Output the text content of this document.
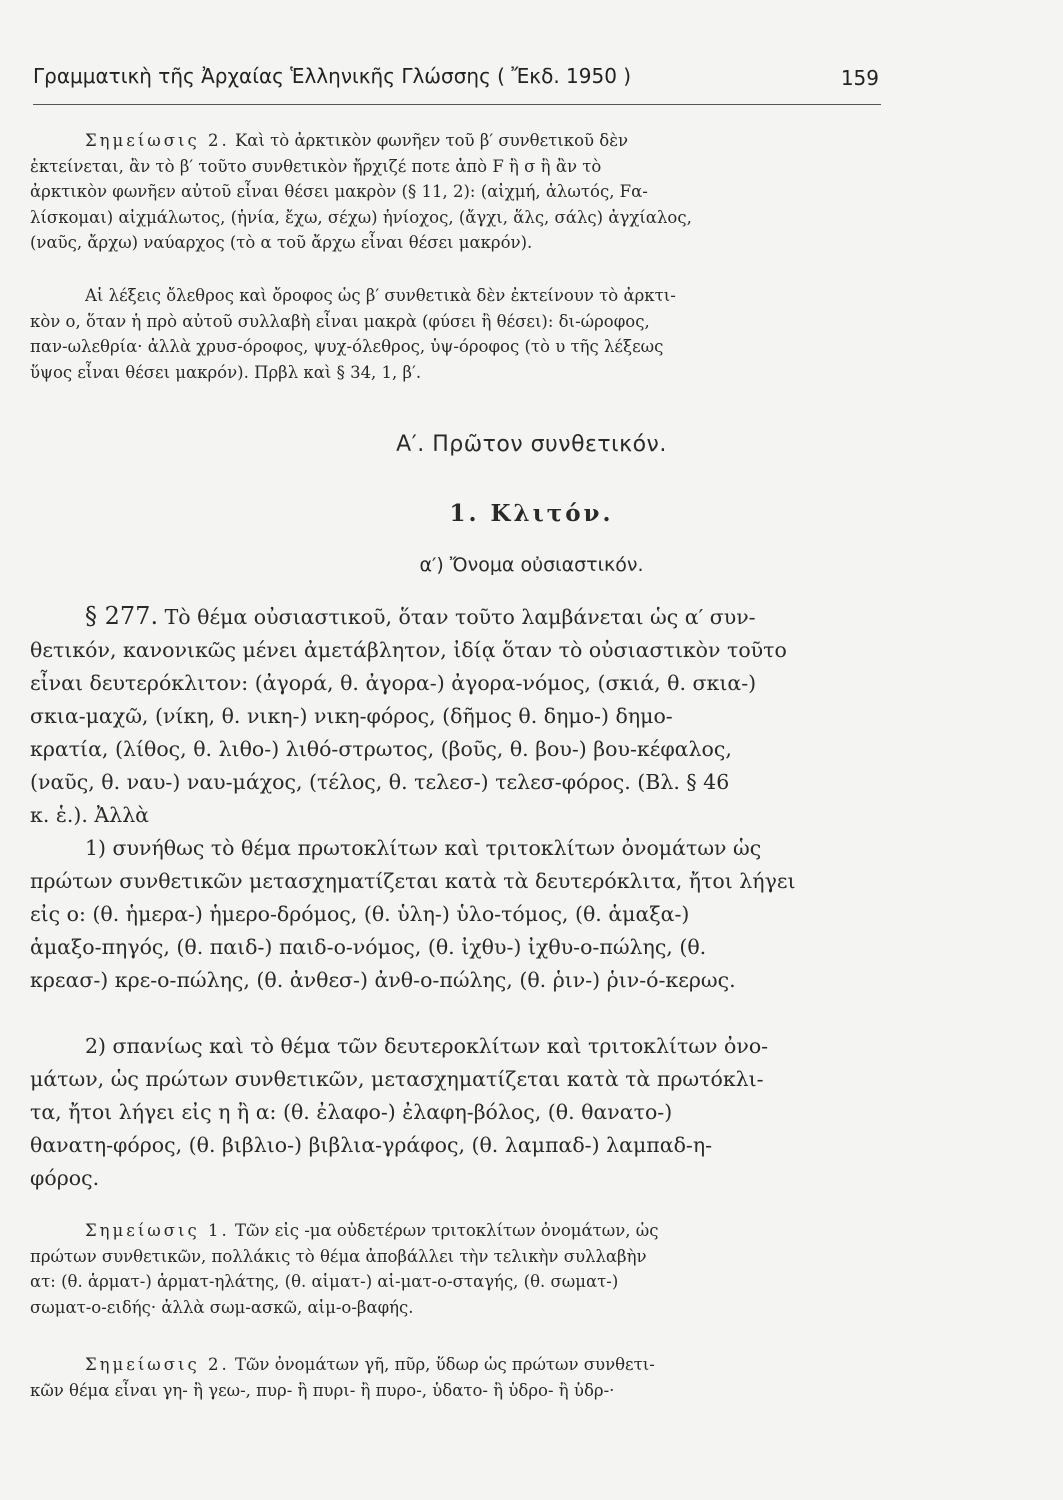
Γραμματικὴ τῆς Ἀρχαίας Ἑλληνικῆς Γλώσσης ( Ἔκδ. 1950 )	159

Σημείωσις 2. Καὶ τὸ ἀρκτικὸν φωνῆεν τοῦ β′ συνθετικοῦ δὲν

ἐκτείνεται, ἂν τὸ β′ τοῦτο συνθετικὸν ἤρχιζέ ποτε ἀπὸ F ἢ σ ἢ ἂν τὸ

ἀρκτικὸν φωνῆεν αὐτοῦ εἶναι θέσει μακρὸν (§ 11, 2): (αἰχμή, ἁλωτός, Fα-

λίσκομαι) αἰχμάλωτος, (ἡνία, ἔχω, σέχω) ἡνίοχος, (ἄγχι, ἅλς, σάλς) ἀγχίαλος,

(ναῦς, ἄρχω) ναύαρχος (τὸ α τοῦ ἄρχω εἶναι θέσει μακρόν).

Αἱ λέξεις ὄλεθρος καὶ ὄροφος ὡς β′ συνθετικὰ δὲν ἐκτείνουν τὸ ἀρκτι-

κὸν ο, ὅταν ἡ πρὸ αὐτοῦ συλλαβὴ εἶναι μακρὰ (φύσει ἢ θέσει): δι-ώροφος,

παν-ωλεθρία· ἀλλὰ χρυσ-όροφος, ψυχ-όλεθρος, ὑψ-όροφος (τὸ υ τῆς λέξεως

ὕψος εἶναι θέσει μακρόν). Πρβλ καὶ § 34, 1, β′.

Α′. Πρῶτον συνθετικόν.
1. Κλιτόν.
α′) Ὄνομα οὐσιαστικόν.

§ 277. Τὸ θέμα οὐσιαστικοῦ, ὅταν τοῦτο λαμβάνεται ὡς α′ συν-

θετικόν, κανονικῶς μένει ἀμετάβλητον, ἰδίᾳ ὅταν τὸ οὐσιαστικὸν τοῦτο

εἶναι δευτερόκλιτον: (ἀγορά, θ. ἀγορα-) ἀγορα-νόμος, (σκιά, θ. σκια-)

σκια-μαχῶ, (νίκη, θ. νικη-) νικη-φόρος, (δῆμος θ. δημο-) δημο-

κρατία, (λίθος, θ. λιθο-) λιθό-στρωτος, (βοῦς, θ. βου-) βου-κέφαλος,

(ναῦς, θ. ναυ-) ναυ-μάχος, (τέλος, θ. τελεσ-) τελεσ-φόρος. (Βλ. § 46

κ. ἑ.). Ἀλλὰ

1) συνήθως τὸ θέμα πρωτοκλίτων καὶ τριτοκλίτων ὀνομάτων ὡς

πρώτων συνθετικῶν μετασχηματίζεται κατὰ τὰ δευτερόκλιτα, ἤτοι λήγει

εἰς ο: (θ. ἡμερα-) ἡμερο-δρόμος, (θ. ὑλη-) ὑλο-τόμος, (θ. ἁμαξα-)

ἁμαξο-πηγός, (θ. παιδ-) παιδ-ο-νόμος, (θ. ἰχθυ-) ἰχθυ-ο-πώλης, (θ.

κρεασ-) κρε-ο-πώλης, (θ. ἀνθεσ-) ἀνθ-ο-πώλης, (θ. ῥιν-) ῥιν-ό-κερως.

2) σπανίως καὶ τὸ θέμα τῶν δευτεροκλίτων καὶ τριτοκλίτων ὀνο-

μάτων, ὡς πρώτων συνθετικῶν, μετασχηματίζεται κατὰ τὰ πρωτόκλι-

τα, ἤτοι λήγει εἰς η ἢ α: (θ. ἐλαφο-) ἐλαφη-βόλος, (θ. θανατο-)

θανατη-φόρος, (θ. βιβλιο-) βιβλια-γράφος, (θ. λαμπαδ-) λαμπαδ-η-

φόρος.

Σημείωσις 1. Τῶν εἰς -μα οὐδετέρων τριτοκλίτων ὀνομάτων, ὡς

πρώτων συνθετικῶν, πολλάκις τὸ θέμα ἀποβάλλει τὴν τελικὴν συλλαβὴν

ατ: (θ. ἁρματ-) ἁρματ-ηλάτης, (θ. αἱματ-) αἱ-ματ-ο-σταγής, (θ. σωματ-)

σωματ-ο-ειδής· ἀλλὰ σωμ-ασκῶ, αἱμ-ο-βαφής.

Σημείωσις 2. Τῶν ὀνομάτων γῆ, πῦρ, ὕδωρ ὡς πρώτων συνθετι-

κῶν θέμα εἶναι γη- ἢ γεω-, πυρ- ἢ πυρι- ἢ πυρο-, ὑδατο- ἢ ὑδρο- ἢ ὑδρ-·
